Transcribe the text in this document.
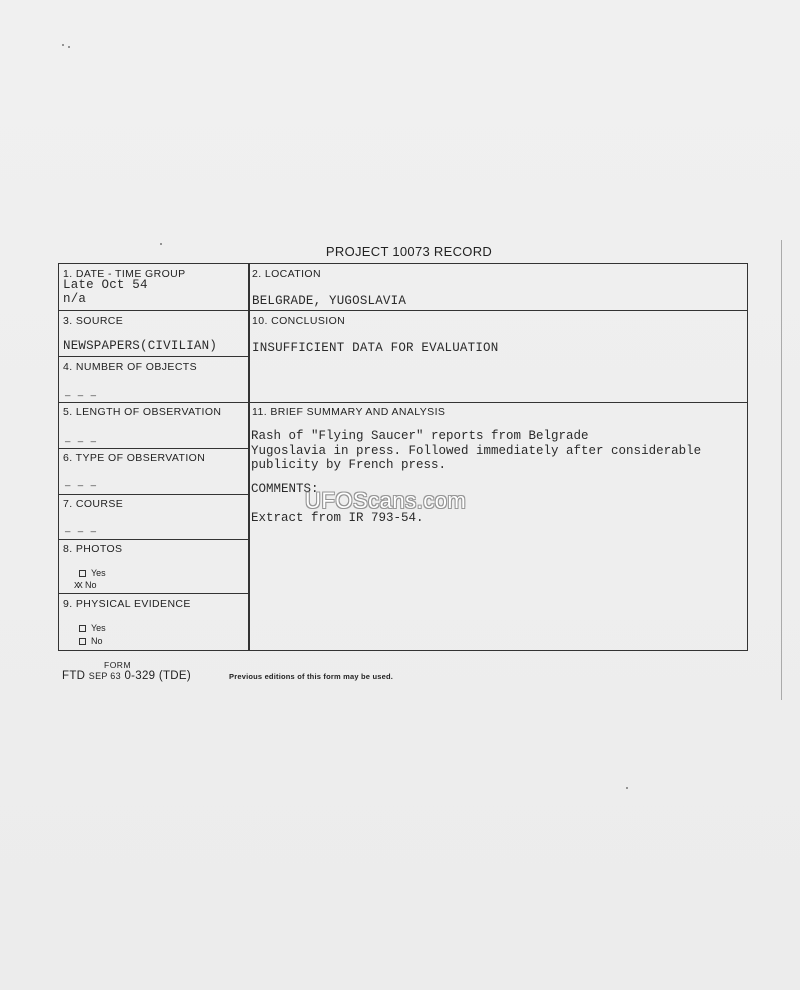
PROJECT 10073 RECORD
1. DATE - TIME GROUP
Late Oct 54
n/a
2. LOCATION
BELGRADE, YUGOSLAVIA
3. SOURCE
NEWSPAPERS(CIVILIAN)
10. CONCLUSION
INSUFFICIENT DATA FOR EVALUATION
4. NUMBER OF OBJECTS
— — —
5. LENGTH OF OBSERVATION
— — —
11. BRIEF SUMMARY AND ANALYSIS

Rash of "Flying Saucer" reports from Belgrade

Yugoslavia in press. Followed immediately after considerable

publicity by French press.

COMMENTS:

Extract from IR 793-54.

6. TYPE OF OBSERVATION
— — —
7. COURSE
— — —
8. PHOTOS
Yes
XX No
9. PHYSICAL EVIDENCE
Yes
No
UFOScans.com
FORM
FTD SEP 63 0-329 (TDE)	Previous editions of this form may be used.
